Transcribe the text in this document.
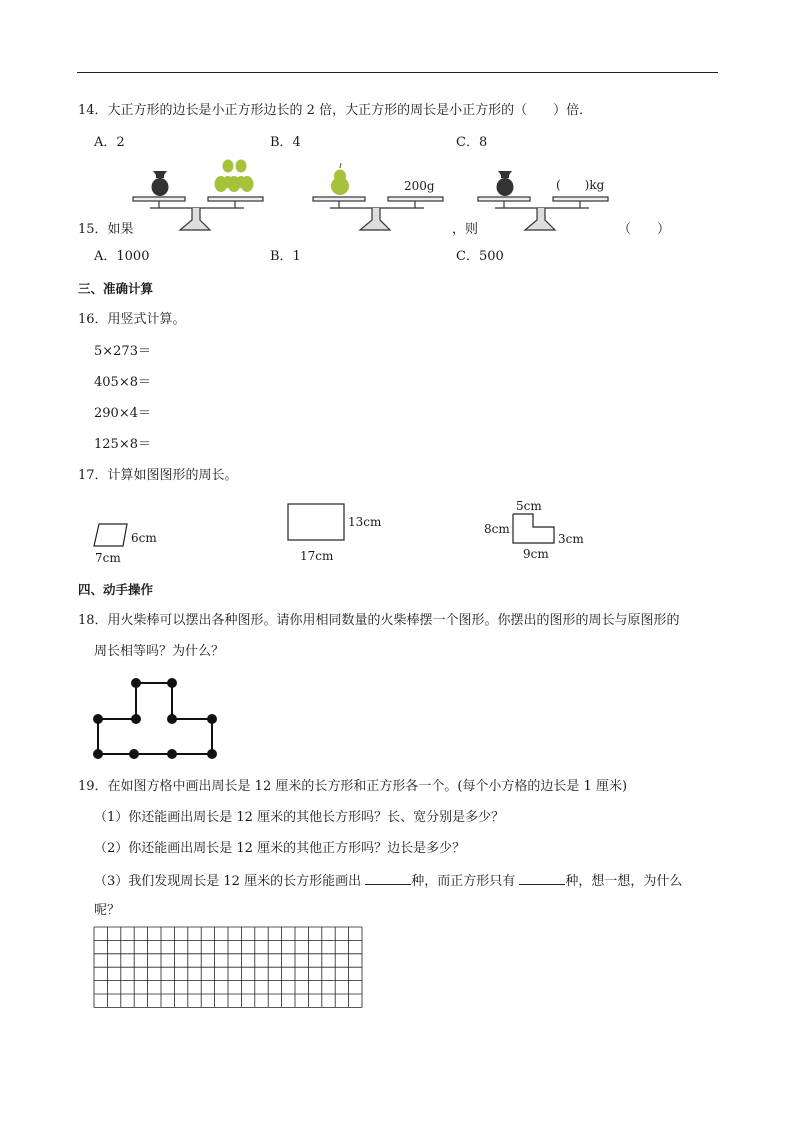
14．大正方形的边长是小正方形边长的 2 倍，大正方形的周长是小正方形的（　　）倍．
A．2	B．4	C．8
200g	(　　)kg
15．如果	，则	（　　）
A．1000	B．1	C．500
三、准确计算
16．用竖式计算。
5×273＝
405×8＝
290×4＝
125×8＝
17．计算如图图形的周长。
6cm
7cm
13cm
17cm
5cm
8cm
3cm
9cm
四、动手操作
18．用火柴棒可以摆出各种图形。请你用相同数量的火柴棒摆一个图形。你摆出的图形的周长与原图形的
周长相等吗？为什么？
19．在如图方格中画出周长是 12 厘米的长方形和正方形各一个。(每个小方格的边长是 1 厘米)
（1）你还能画出周长是 12 厘米的其他长方形吗？长、宽分别是多少？
（2）你还能画出周长是 12 厘米的其他正方形吗？边长是多少？
（3）我们发现周长是 12 厘米的长方形能画出	种，而正方形只有	种，想一想，为什么
呢？
